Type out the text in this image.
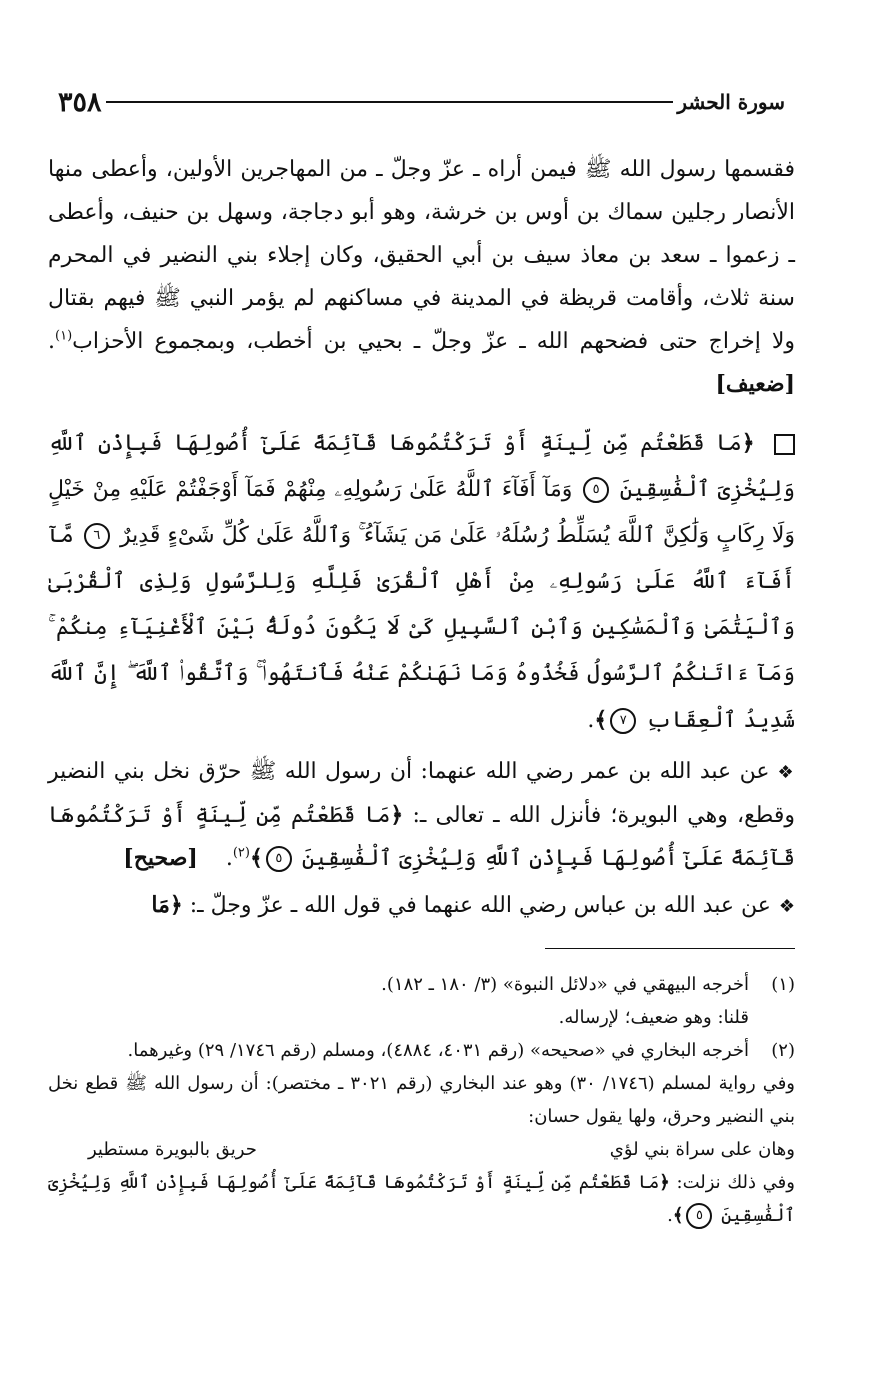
سورة الحشر
٣٥٨

فقسمها رسول الله ﷺ فيمن أراه ـ عزّ وجلّ ـ من المهاجرين الأولين، وأعطى منها الأنصار رجلين سماك بن أوس بن خرشة، وهو أبو دجاجة، وسهل بن حنيف، وأعطى ـ زعموا ـ سعد بن معاذ سيف بن أبي الحقيق، وكان إجلاء بني النضير في المحرم سنة ثلاث، وأقامت قريظة في المدينة في مساكنهم لم يؤمر النبي ﷺ فيهم بقتال ولا إخراج حتى فضحهم الله ـ عزّ وجلّ ـ بحيي بن أخطب، وبمجموع الأحزاب$^{(١)}$. [ضعيف]

﴿مَا قَطَعْتُم مِّن لِّينَةٍ أَوْ تَرَكْتُمُوهَا قَآئِمَةً عَلَىٰٓ أُصُولِهَا فَبِإِذْنِ ٱللَّهِ وَلِيُخْزِىَ ٱلْفَٰسِقِينَ ٥ وَمَآ أَفَآءَ ٱللَّهُ عَلَىٰ رَسُولِهِۦ مِنْهُمْ فَمَآ أَوْجَفْتُمْ عَلَيْهِ مِنْ خَيْلٍ وَلَا رِكَابٍ وَلَٰكِنَّ ٱللَّهَ يُسَلِّطُ رُسُلَهُۥ عَلَىٰ مَن يَشَآءُ ۚ وَٱللَّهُ عَلَىٰ كُلِّ شَىْءٍ قَدِيرٌ ٦ مَّآ أَفَآءَ ٱللَّهُ عَلَىٰ رَسُولِهِۦ مِنْ أَهْلِ ٱلْقُرَىٰ فَلِلَّهِ وَلِلرَّسُولِ وَلِذِى ٱلْقُرْبَىٰ وَٱلْيَتَٰمَىٰ وَٱلْمَسَٰكِينِ وَٱبْنِ ٱلسَّبِيلِ كَىْ لَا يَكُونَ دُولَةًۢ بَيْنَ ٱلْأَغْنِيَآءِ مِنكُمْ ۚ وَمَآ ءَاتَىٰكُمُ ٱلرَّسُولُ فَخُذُوهُ وَمَا نَهَىٰكُمْ عَنْهُ فَٱنتَهُوا۟ ۚ وَٱتَّقُوا۟ ٱللَّهَ ۖ إِنَّ ٱللَّهَ شَدِيدُ ٱلْعِقَابِ ٧﴾.

❖عن عبد الله بن عمر رضي الله عنهما: أن رسول الله ﷺ حرّق نخل بني النضير وقطع، وهي البويرة؛ فأنزل الله ـ تعالى ـ: ﴿مَا قَطَعْتُم مِّن لِّينَةٍ أَوْ تَرَكْتُمُوهَا قَآئِمَةً عَلَىٰٓ أُصُولِهَا فَبِإِذْنِ ٱللَّهِ وَلِيُخْزِىَ ٱلْفَٰسِقِينَ ٥﴾$^{(٢)}$.    [صحيح]

❖عن عبد الله بن عباس رضي الله عنهما في قول الله ـ عزّ وجلّ ـ: ﴿مَا

(١)
أخرجه البيهقي في «دلائل النبوة» (٣/ ١٨٠ ـ ١٨٢).

قلنا: وهو ضعيف؛ لإرساله.

(٢)
أخرجه البخاري في «صحيحه» (رقم ٤٠٣١، ٤٨٨٤)، ومسلم (رقم ١٧٤٦/ ٢٩) وغيرهما.

وفي رواية لمسلم (١٧٤٦/ ٣٠) وهو عند البخاري (رقم ٣٠٢١ ـ مختصر): أن رسول الله ﷺ قطع نخل بني النضير وحرق، ولها يقول حسان:

وهان على سراة بني لؤي
حريق بالبويرة مستطير

وفي ذلك نزلت: ﴿مَا قَطَعْتُم مِّن لِّينَةٍ أَوْ تَرَكْتُمُوهَا قَآئِمَةً عَلَىٰٓ أُصُولِهَا فَبِإِذْنِ ٱللَّهِ وَلِيُخْزِىَ ٱلْفَٰسِقِينَ ٥﴾.
